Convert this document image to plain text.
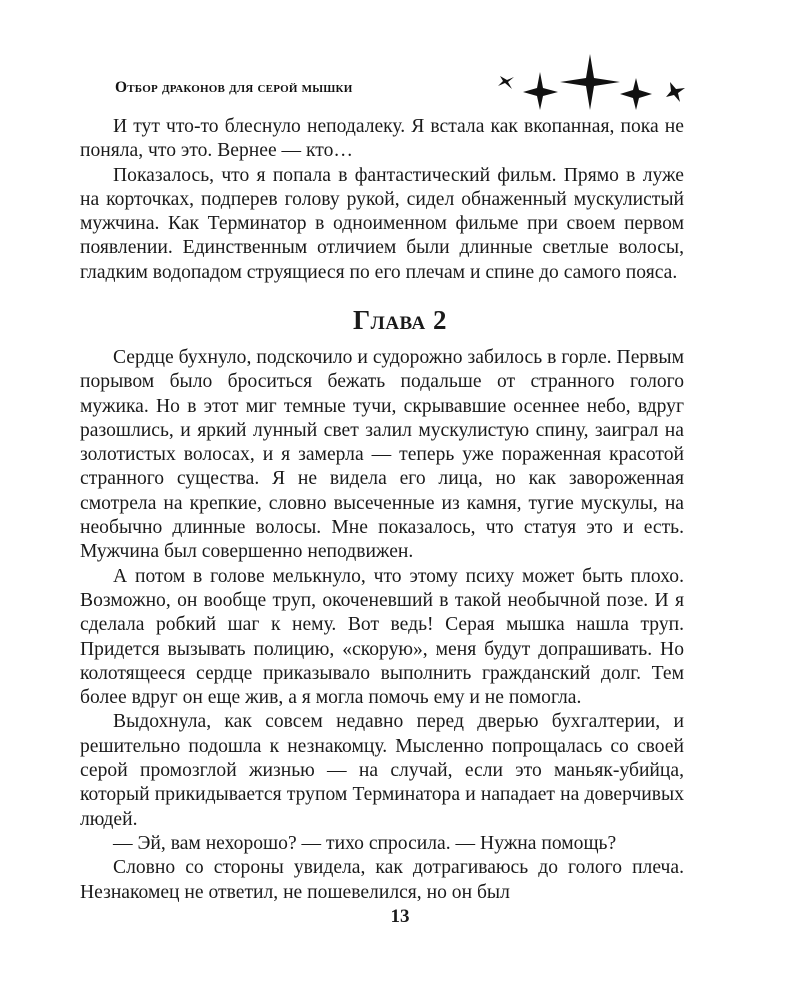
Отбор драконов для серой мышки

И тут что-то блеснуло неподалеку. Я встала как вкопанная, пока не поняла, что это. Вернее — кто…

Показалось, что я попала в фантастический фильм. Прямо в луже на корточках, подперев голову рукой, сидел обнаженный мускулистый мужчина. Как Терминатор в одноименном фильме при своем первом появлении. Единственным отличием были длинные светлые волосы, гладким водопадом струящиеся по его плечам и спине до самого пояса.

Глава 2

Сердце бухнуло, подскочило и судорожно забилось в горле. Первым порывом было броситься бежать подальше от странного голого мужика. Но в этот миг темные тучи, скрывавшие осеннее небо, вдруг разошлись, и яркий лунный свет залил мускулистую спину, заиграл на золотистых волосах, и я замерла — теперь уже пораженная красотой странного существа. Я не видела его лица, но как завороженная смотрела на крепкие, словно высеченные из камня, тугие мускулы, на необычно длинные волосы. Мне показалось, что статуя это и есть. Мужчина был совершенно неподвижен.

А потом в голове мелькнуло, что этому психу может быть плохо. Возможно, он вообще труп, окоченевший в такой необычной позе. И я сделала робкий шаг к нему. Вот ведь! Серая мышка нашла труп. Придется вызывать полицию, «скорую», меня будут допрашивать. Но колотящееся сердце приказывало выполнить гражданский долг. Тем более вдруг он еще жив, а я могла помочь ему и не помогла.

Выдохнула, как совсем недавно перед дверью бухгалтерии, и решительно подошла к незнакомцу. Мысленно попрощалась со своей серой промозглой жизнью — на случай, если это маньяк-убийца, который прикидывается трупом Терминатора и нападает на доверчивых людей.

— Эй, вам нехорошо? — тихо спросила. — Нужна помощь?

Словно со стороны увидела, как дотрагиваюсь до голого плеча. Незнакомец не ответил, не пошевелился, но он был

13
